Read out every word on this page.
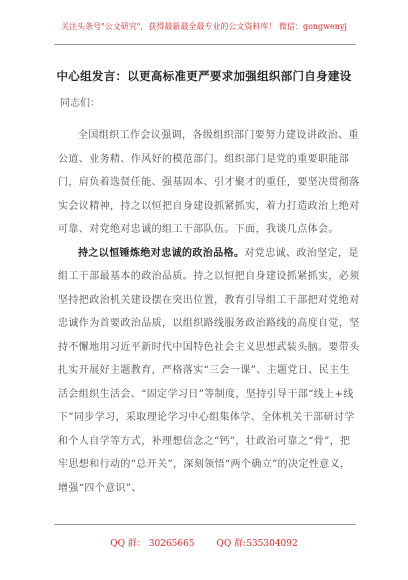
关注头条号"公文研究"，获得最新最全最专业的公文资料库！ 微信：gongwenyj
中心组发言：以更高标准更严要求加强组织部门自身建设
同志们：

全国组织工作会议强调，各级组织部门要努力建设讲政治、重公道、业务精、作风好的模范部门。组织部门是党的重要职能部门，肩负着选贤任能、强基固本、引才聚才的重任，要坚决贯彻落实会议精神，持之以恒把自身建设抓紧抓实，着力打造政治上绝对可靠、对党绝对忠诚的组工干部队伍。下面，我谈几点体会。

持之以恒锤炼绝对忠诚的政治品格。对党忠诚、政治坚定，是组工干部最基本的政治品质。持之以恒把自身建设抓紧抓实，必须坚持把政治机关建设摆在突出位置，教育引导组工干部把对党绝对忠诚作为首要政治品质，以组织路线服务政治路线的高度自觉，坚持不懈地用习近平新时代中国特色社会主义思想武装头脑。要带头扎实开展好主题教育，严格落实“三会一课”、主题党日、民主生活会组织生活会、“固定学习日”等制度，坚持引导干部“线上+线下”同步学习，采取理论学习中心组集体学、全体机关干部研讨学和个人自学等方式，补理想信念之“钙”，壮政治可靠之“骨”，把牢思想和行动的“总开关”，深刻领悟“两个确立”的决定性意义，增强“四个意识”、

QQ 群： 30265665 QQ 群:535304092
